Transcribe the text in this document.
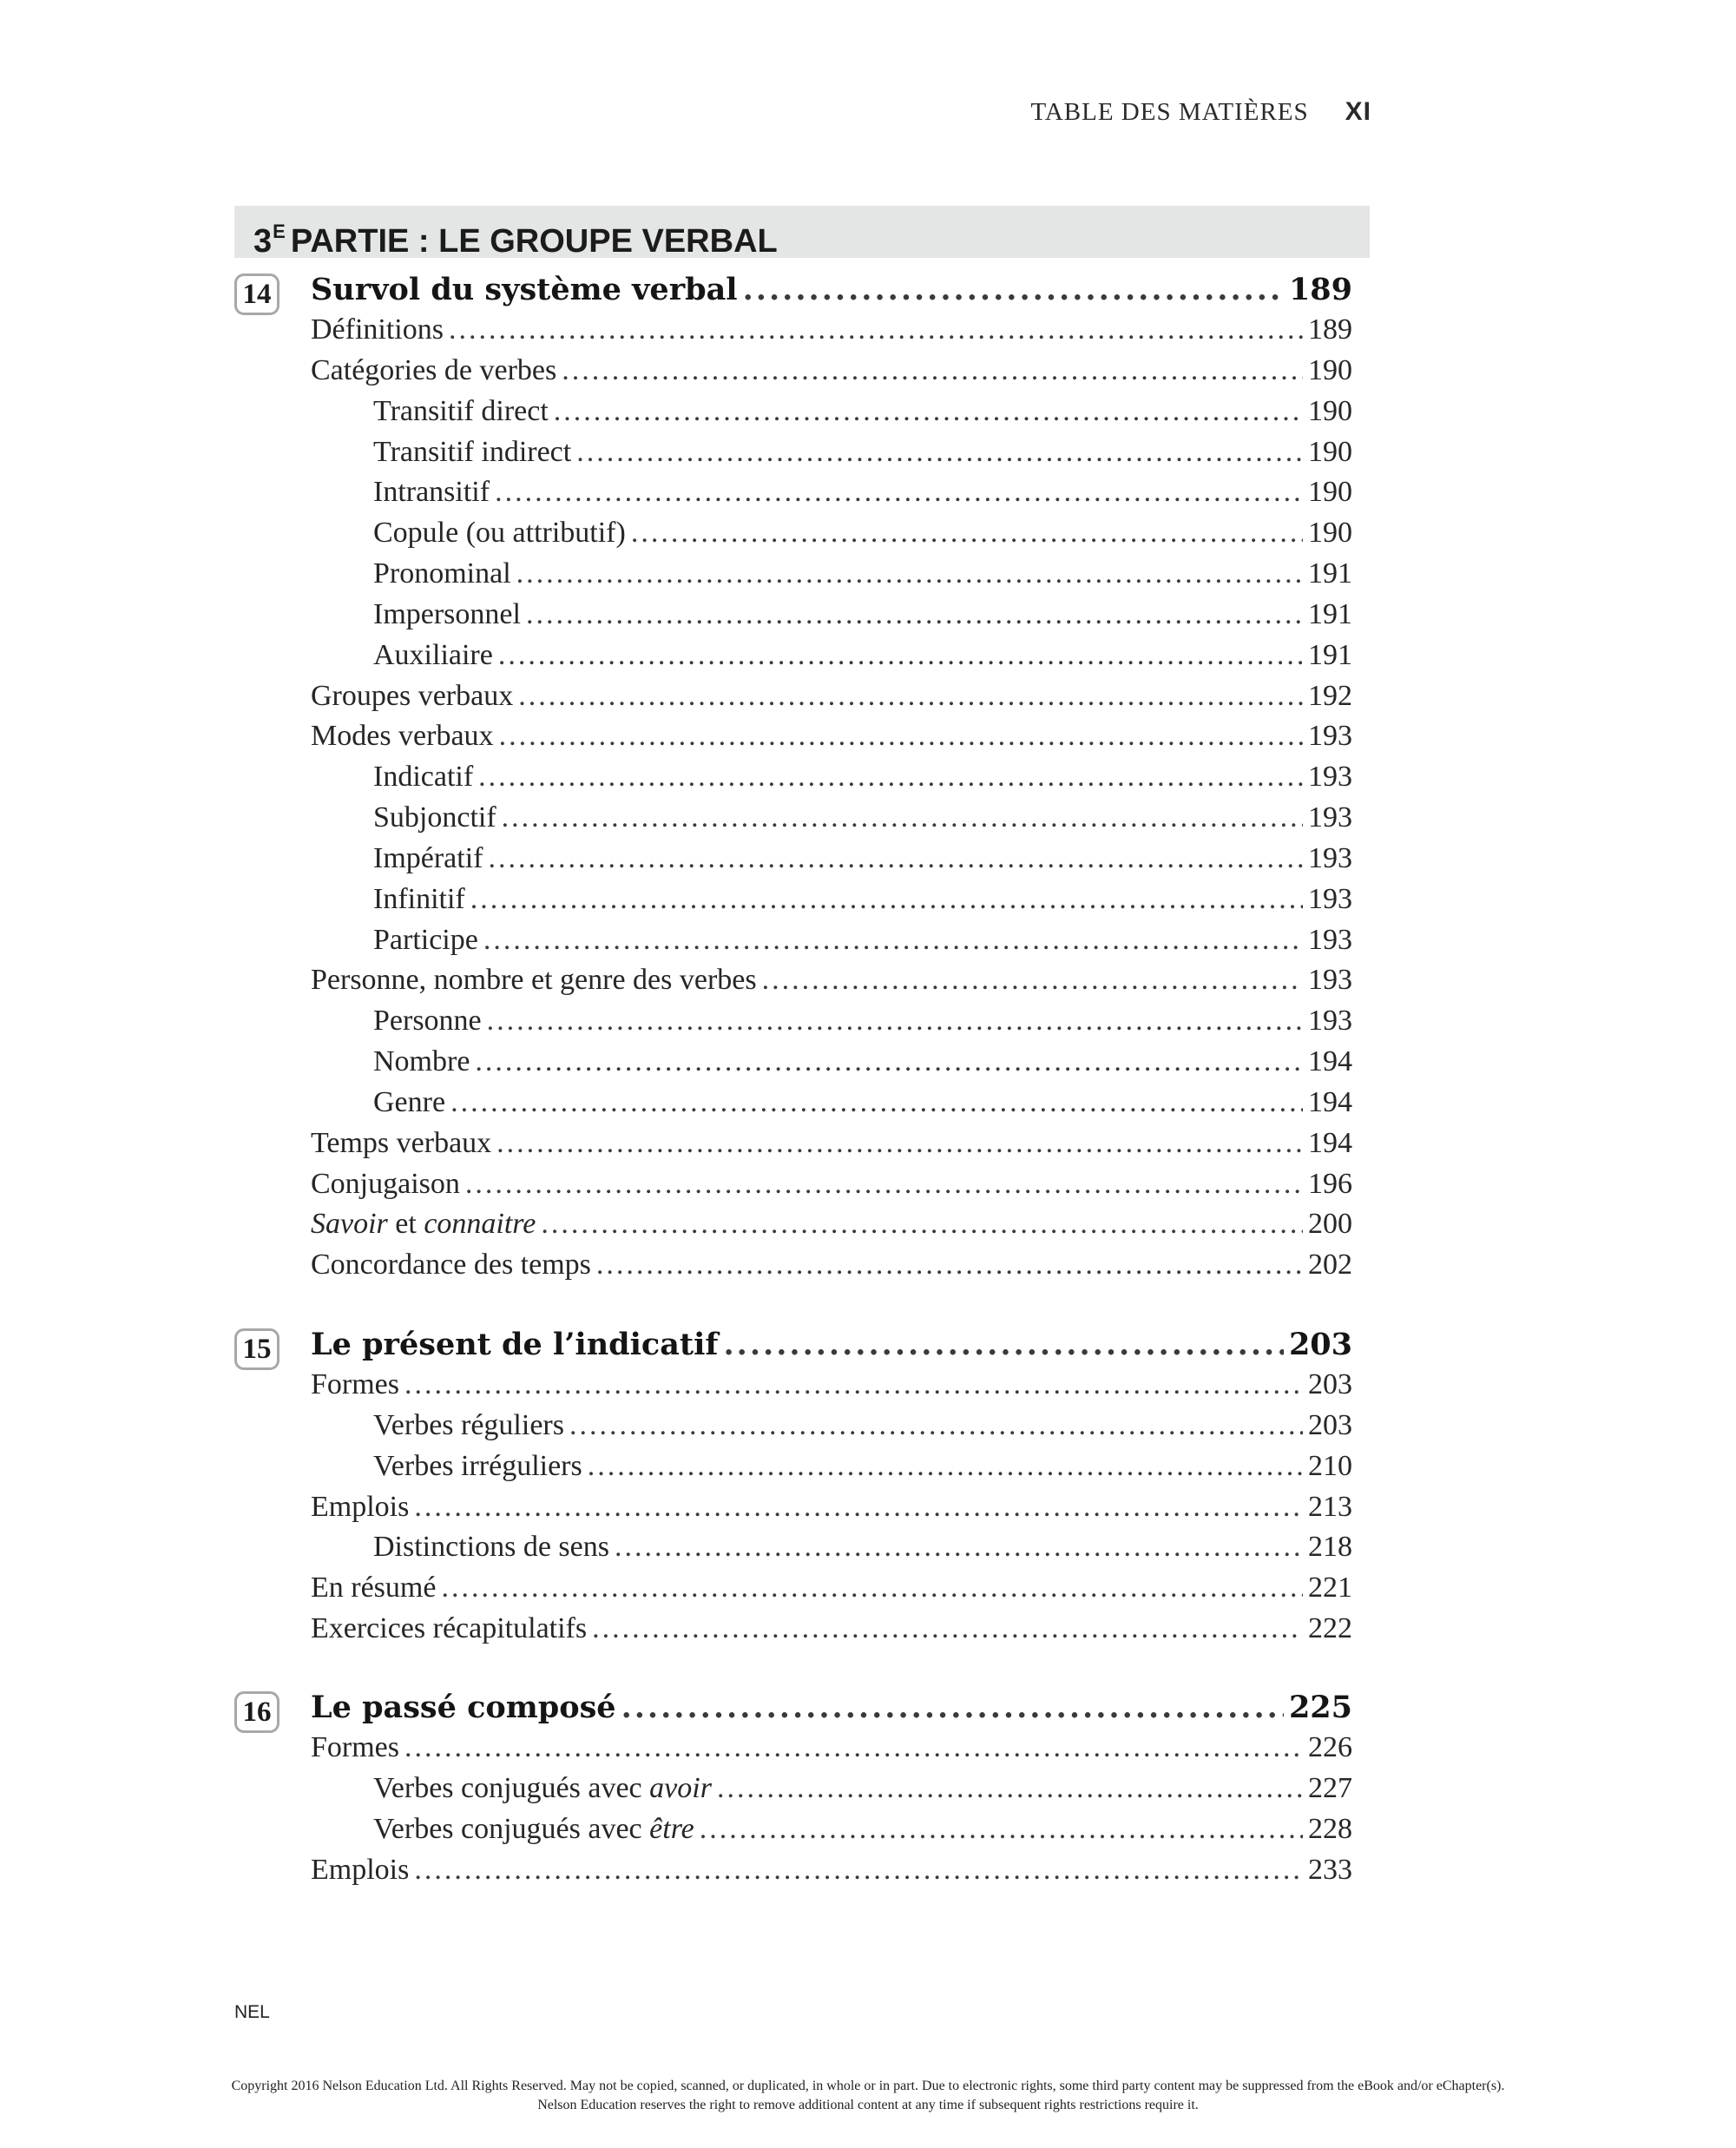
TABLE DES MATIÈRES XI
$3^E$ PARTIE : LE GROUPE VERBAL
14 Survol du système verbal .....	189
Définitions .....	189
Catégories de verbes .....	190
Transitif direct .....	190
Transitif indirect .....	190
Intransitif .....	190
Copule (ou attributif) .....	190
Pronominal .....	191
Impersonnel .....	191
Auxiliaire .....	191
Groupes verbaux .....	192
Modes verbaux .....	193
Indicatif .....	193
Subjonctif .....	193
Impératif .....	193
Infinitif .....	193
Participe .....	193
Personne, nombre et genre des verbes .....	193
Personne .....	193
Nombre .....	194
Genre .....	194
Temps verbaux .....	194
Conjugaison .....	196
Savoir et connaitre .....	200
Concordance des temps .....	202
15 Le présent de l’indicatif .....	203
Formes .....	203
Verbes réguliers .....	203
Verbes irréguliers .....	210
Emplois .....	213
Distinctions de sens .....	218
En résumé .....	221
Exercices récapitulatifs .....	222
16 Le passé composé .....	225
Formes .....	226
Verbes conjugués avec avoir .....	227
Verbes conjugués avec être .....	228
Emplois .....	233
NEL
Copyright 2016 Nelson Education Ltd. All Rights Reserved. May not be copied, scanned, or duplicated, in whole or in part. Due to electronic rights, some third party content may be suppressed from the eBook and/or eChapter(s).
Nelson Education reserves the right to remove additional content at any time if subsequent rights restrictions require it.
